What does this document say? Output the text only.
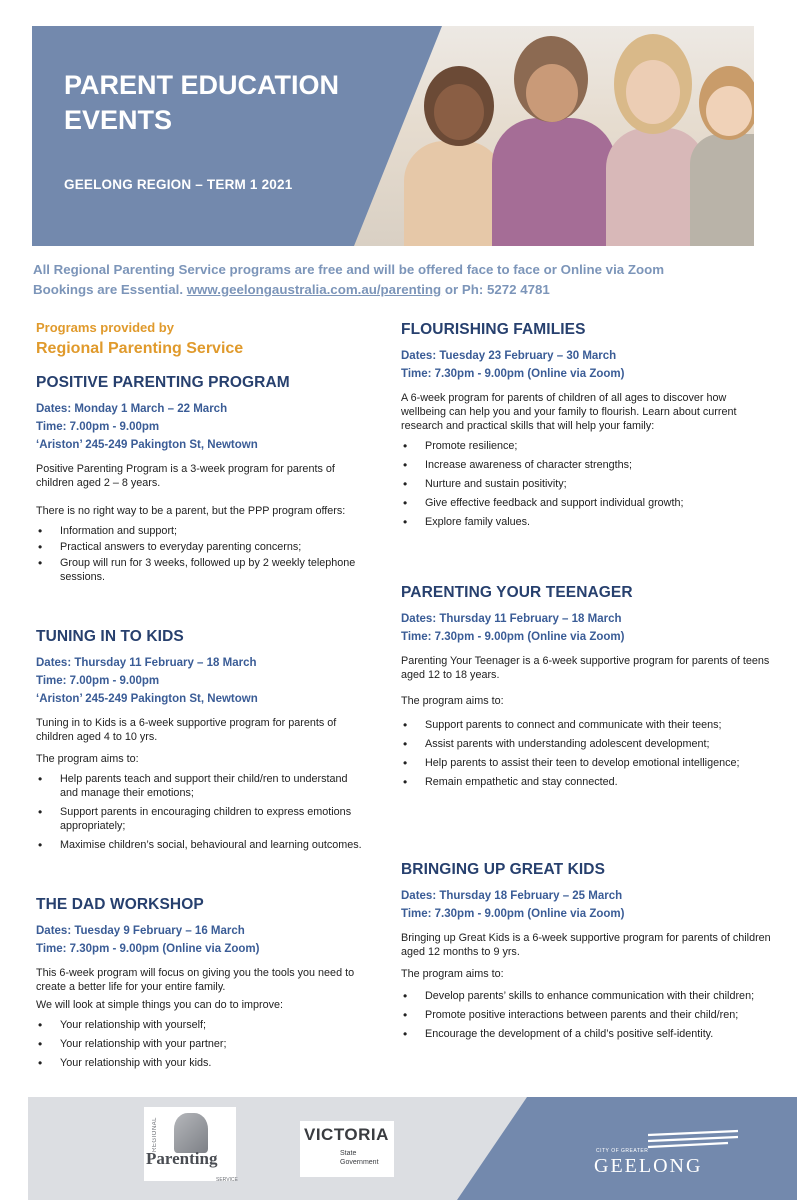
PARENT EDUCATION EVENTS
GEELONG REGION – TERM 1 2021
All Regional Parenting Service programs are free and will be offered face to face or Online via Zoom
Bookings are Essential. www.geelongaustralia.com.au/parenting or Ph: 5272 4781
Programs provided by
Regional Parenting Service
POSITIVE PARENTING PROGRAM
Dates: Monday 1 March – 22 March
Time: 7.00pm - 9.00pm
‘Ariston’ 245-249 Pakington St, Newtown
Positive Parenting Program is a 3-week program for parents of children aged 2 – 8 years.
There is no right way to be a parent, but the PPP program offers:
• Information and support;
• Practical answers to everyday parenting concerns;
• Group will run for 3 weeks, followed up by 2 weekly telephone sessions.
TUNING IN TO KIDS
Dates: Thursday 11 February – 18 March
Time: 7.00pm - 9.00pm
‘Ariston’ 245-249 Pakington St, Newtown
Tuning in to Kids is a 6-week supportive program for parents of children aged 4 to 10 yrs.
The program aims to:
• Help parents teach and support their child/ren to understand and manage their emotions;
• Support parents in encouraging children to express emotions appropriately;
• Maximise children’s social, behavioural and learning outcomes.
THE DAD WORKSHOP
Dates: Tuesday 9 February – 16 March
Time: 7.30pm - 9.00pm (Online via Zoom)
This 6-week program will focus on giving you the tools you need to create a better life for your entire family.
We will look at simple things you can do to improve:
• Your relationship with yourself;
• Your relationship with your partner;
• Your relationship with your kids.
FLOURISHING FAMILIES
Dates: Tuesday 23 February – 30 March
Time: 7.30pm - 9.00pm (Online via Zoom)
A 6-week program for parents of children of all ages to discover how wellbeing can help you and your family to flourish. Learn about current research and practical skills that will help your family:
• Promote resilience;
• Increase awareness of character strengths;
• Nurture and sustain positivity;
• Give effective feedback and support individual growth;
• Explore family values.
PARENTING YOUR TEENAGER
Dates: Thursday 11 February – 18 March
Time: 7.30pm - 9.00pm (Online via Zoom)
Parenting Your Teenager is a 6-week supportive program for parents of teens aged 12 to 18 years.
The program aims to:
• Support parents to connect and communicate with their teens;
• Assist parents with understanding adolescent development;
• Help parents to assist their teen to develop emotional intelligence;
• Remain empathetic and stay connected.
BRINGING UP GREAT KIDS
Dates: Thursday 18 February – 25 March
Time: 7.30pm - 9.00pm (Online via Zoom)
Bringing up Great Kids is a 6-week supportive program for parents of children aged 12 months to 9 yrs.
The program aims to:
• Develop parents’ skills to enhance communication with their children;
• Promote positive interactions between parents and their child/ren;
• Encourage the development of a child’s positive self-identity.
REGIONAL
Parenting
SERVICE
VICTORIA
State
Government
CITY OF GREATER
GEELONG
